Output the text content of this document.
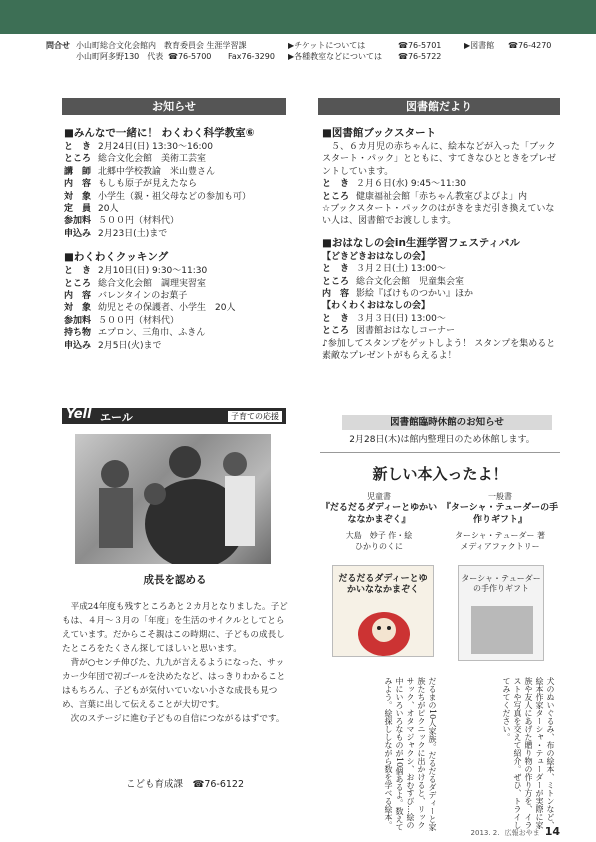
問合せ 小山町総合文化会館内　教育委員会 生涯学習課	▶チケットについては	☎76-5701	▶図書館	☎76-4270
小山町阿多野130　代表 ☎76-5700	Fax76-3290	▶各種教室などについては	☎76-5722
お知らせ
■みんなで一緒に！ わくわく科学教室⑥
と　き 2月24日(日) 13:30～16:00
ところ 総合文化会館　美術工芸室
講　師 北郷中学校教諭　米山豊さん
内　容 もしも原子が見えたなら
対　象 小学生（親・祖父母などの参加も可）
定　員 20人
参加料 ５００円（材料代）
申込み 2月23日(土)まで
■わくわくクッキング
と　き 2月10日(日) 9:30～11:30
ところ 総合文化会館　調理実習室
内　容 バレンタインのお菓子
対　象 幼児とその保護者、小学生　20人
参加料 ５００円（材料代）
持ち物 エプロン、三角巾、ふきん
申込み 2月5日(火)まで
Yell エール	子育ての応援
成長を認める

平成24年度も残すところあと２カ月となりました。子どもは、４月～３月の「年度」を生活のサイクルとしてとらえています。だからこそ親はこの時期に、子どもの成長したところをたくさん探してほしいと思います。

背が○センチ伸びた、九九が言えるようになった、サッカー少年団で初ゴールを決めたなど、はっきりわかることはもちろん、子どもが気付いていない小さな成長も見つめ、言葉に出して伝えることが大切です。

次のステージに進む子どもの自信につながるはずです。

こども育成課　☎76-6122
図書館だより
■図書館ブックスタート

５、６カ月児の赤ちゃんに、絵本などが入った「ブックスタート・パック」とともに、すてきなひとときをプレゼントしています。

と　き ２月６日(水) 9:45～11:30
ところ 健康福祉会館「赤ちゃん教室ぴよぴよ」内

☆ブックスタート・パックのはがきをまだ引き換えていない人は、図書館でお渡しします。

■おはなしの会in生涯学習フェスティバル
【どきどきおはなしの会】
と　き ３月２日(土) 13:00～
ところ 総合文化会館　児童集会室
内　容 影絵『ばけものつかい』ほか
【わくわくおはなしの会】
と　き ３月３日(日) 13:00～
ところ 図書館おはなしコーナー

♪参加してスタンプをゲットしよう！ スタンプを集めると素敵なプレゼントがもらえるよ！

図書館臨時休館のお知らせ
2月28日(木)は館内整理日のため休館します。
新しい本入ったよ！
児童書
『だるだるダディーとゆかいななかまぞく』
大島　妙子 作・絵
ひかりのくに
だるだるダディーとゆかいななかまぞく
だるまの10人家族。だるだるダディーと家族たちがピクニックに出かけると、リックサック、オタマジャクシ、おむすび…絵の中にいろいろなものが10個あるよ。数えてみよう。絵探ししながら数を学べる絵本。
一般書
『ターシャ・テューダーの手作りギフト』
ターシャ・テューダー 著
メディアファクトリー
ターシャ・テューダーの手作りギフト
犬のぬいぐるみ、布の絵本、ミトンなど、絵本作家ターシャ・テューダーが実際に家族や友人にあげた贈り物の作り方を、イラストや写真を交えて紹介。ぜひ、トライしてみてください。
2013. 2. 広報おやま 14
